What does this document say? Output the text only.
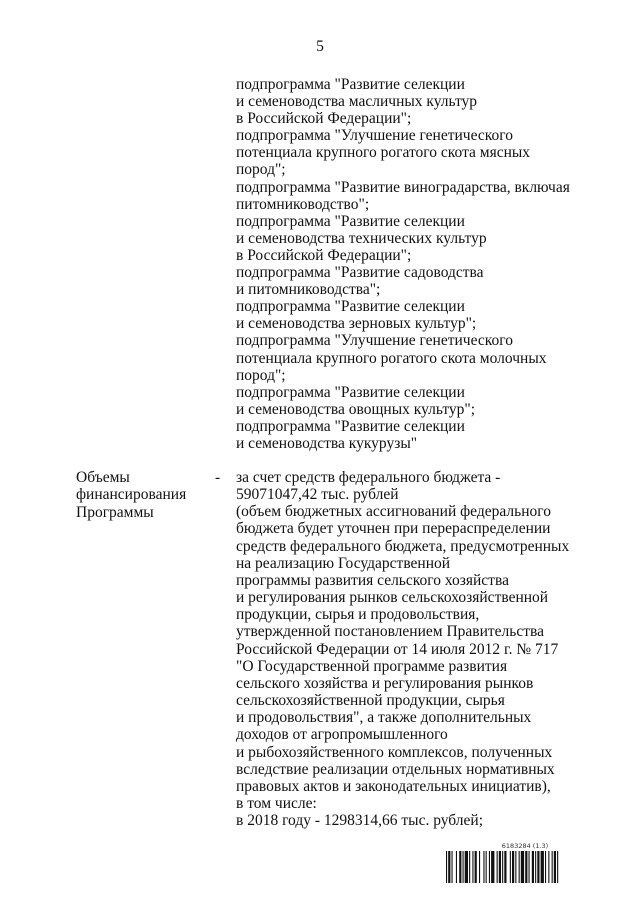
5
подпрограмма "Развитие селекции
и семеноводства масличных культур
в Российской Федерации";
подпрограмма "Улучшение генетического
потенциала крупного рогатого скота мясных
пород";
подпрограмма "Развитие виноградарства, включая
питомниководство";
подпрограмма "Развитие селекции
и семеноводства технических культур
в Российской Федерации";
подпрограмма "Развитие садоводства
и питомниководства";
подпрограмма "Развитие селекции
и семеноводства зерновых культур";
подпрограмма "Улучшение генетического
потенциала крупного рогатого скота молочных
пород";
подпрограмма "Развитие селекции
и семеноводства овощных культур";
подпрограмма "Развитие селекции
и семеноводства кукурузы"
Объемы
финансирования
Программы
- за счет средств федерального бюджета -
59071047,42 тыс. рублей
(объем бюджетных ассигнований федерального
бюджета будет уточнен при перераспределении
средств федерального бюджета, предусмотренных
на реализацию Государственной
программы развития сельского хозяйства
и регулирования рынков сельскохозяйственной
продукции, сырья и продовольствия,
утвержденной постановлением Правительства
Российской Федерации от 14 июля 2012 г. № 717
"О Государственной программе развития
сельского хозяйства и регулирования рынков
сельскохозяйственной продукции, сырья
и продовольствия", а также дополнительных
доходов от агропромышленного
и рыбохозяйственного комплексов, полученных
вследствие реализации отдельных нормативных
правовых актов и законодательных инициатив),
в том числе:
в 2018 году - 1298314,66 тыс. рублей;
6183284 (1.3)
